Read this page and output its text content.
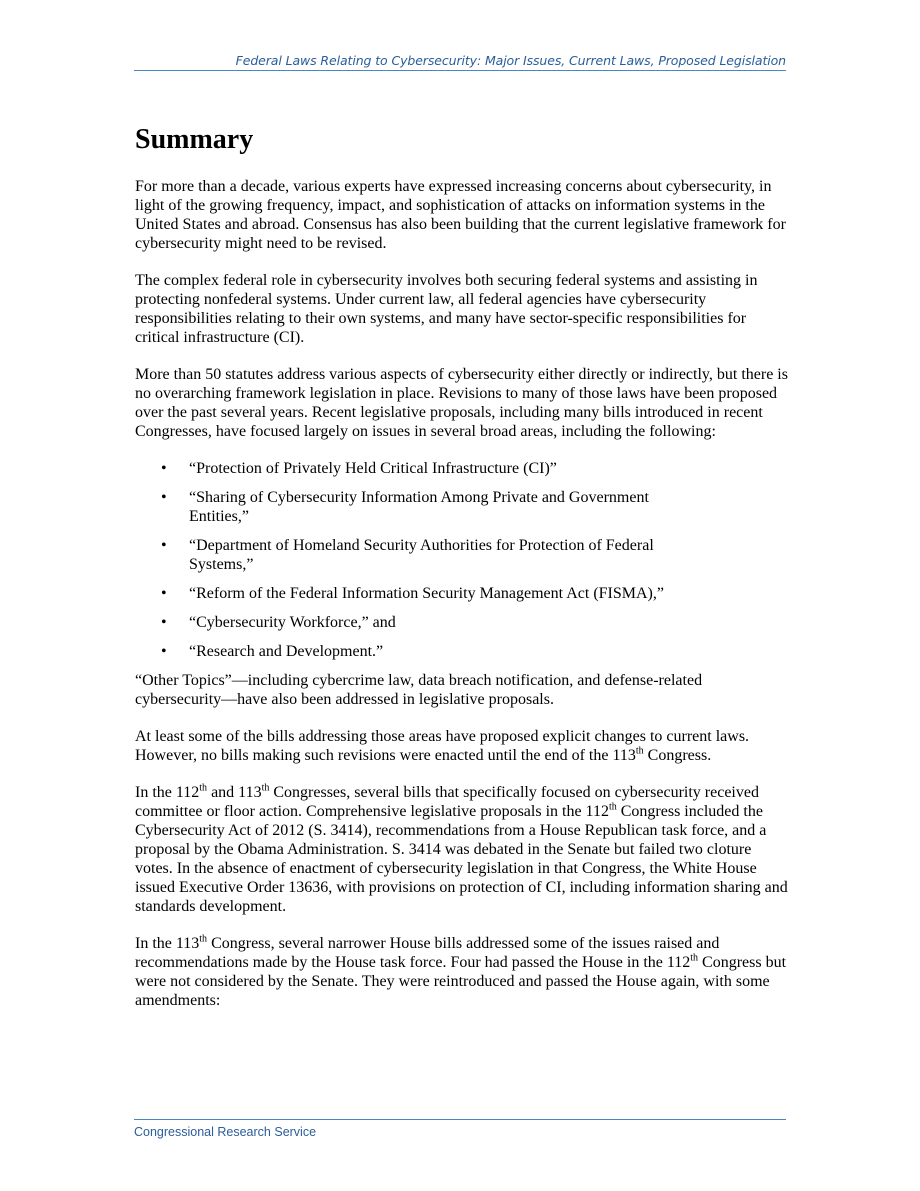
Federal Laws Relating to Cybersecurity: Major Issues, Current Laws, Proposed Legislation
Summary

For more than a decade, various experts have expressed increasing concerns about cybersecurity, in light of the growing frequency, impact, and sophistication of attacks on information systems in the United States and abroad. Consensus has also been building that the current legislative framework for cybersecurity might need to be revised.

The complex federal role in cybersecurity involves both securing federal systems and assisting in protecting nonfederal systems. Under current law, all federal agencies have cybersecurity responsibilities relating to their own systems, and many have sector-specific responsibilities for critical infrastructure (CI).

More than 50 statutes address various aspects of cybersecurity either directly or indirectly, but there is no overarching framework legislation in place. Revisions to many of those laws have been proposed over the past several years. Recent legislative proposals, including many bills introduced in recent Congresses, have focused largely on issues in several broad areas, including the following:

• “Protection of Privately Held Critical Infrastructure (CI)”
• “Sharing of Cybersecurity Information Among Private and Government Entities,”
• “Department of Homeland Security Authorities for Protection of Federal Systems,”
• “Reform of the Federal Information Security Management Act (FISMA),”
• “Cybersecurity Workforce,” and
• “Research and Development.”

“Other Topics”—including cybercrime law, data breach notification, and defense-related cybersecurity—have also been addressed in legislative proposals.

At least some of the bills addressing those areas have proposed explicit changes to current laws. However, no bills making such revisions were enacted until the end of the 113th Congress.

In the 112th and 113th Congresses, several bills that specifically focused on cybersecurity received committee or floor action. Comprehensive legislative proposals in the 112th Congress included the Cybersecurity Act of 2012 (S. 3414), recommendations from a House Republican task force, and a proposal by the Obama Administration. S. 3414 was debated in the Senate but failed two cloture votes. In the absence of enactment of cybersecurity legislation in that Congress, the White House issued Executive Order 13636, with provisions on protection of CI, including information sharing and standards development.

In the 113th Congress, several narrower House bills addressed some of the issues raised and recommendations made by the House task force. Four had passed the House in the 112th Congress but were not considered by the Senate. They were reintroduced and passed the House again, with some amendments:

Congressional Research Service
